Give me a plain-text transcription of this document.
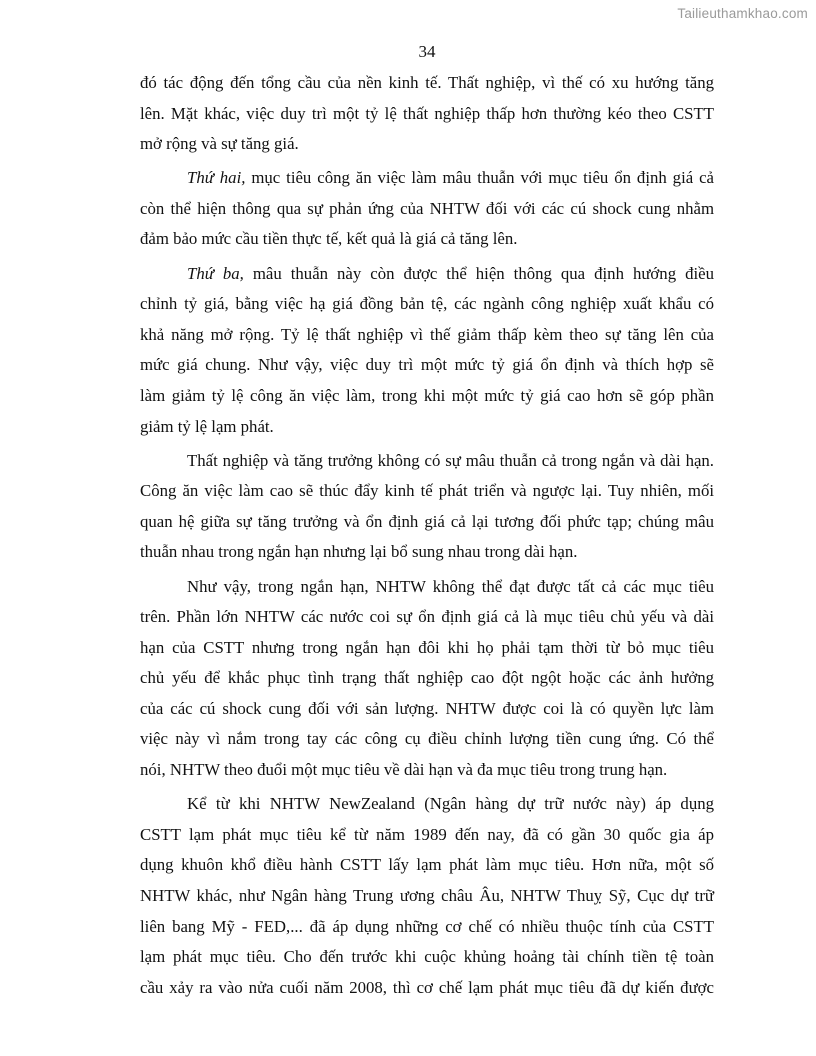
Tailieuthamkhao.com
34
đó tác động đến tổng cầu của nền kinh tế. Thất nghiệp, vì thế có xu hướng tăng
lên. Mặt khác, việc duy trì một tỷ lệ thất nghiệp thấp hơn thường kéo theo CSTT
mở rộng và sự tăng giá.
Thứ hai, mục tiêu công ăn việc làm mâu thuẫn với mục tiêu ổn định giá cả
còn thể hiện thông qua sự phản ứng của NHTW đối với các cú shock cung nhằm
đảm bảo mức cầu tiền thực tế, kết quả là giá cả tăng lên.
Thứ ba, mâu thuẫn này còn được thể hiện thông qua định hướng điều
chỉnh tỷ giá, bằng việc hạ giá đồng bản tệ, các ngành công nghiệp xuất khẩu có
khả năng mở rộng. Tỷ lệ thất nghiệp vì thế giảm thấp kèm theo sự tăng lên của
mức giá chung. Như vậy, việc duy trì một mức tỷ giá ổn định và thích hợp sẽ
làm giảm tỷ lệ công ăn việc làm, trong khi một mức tỷ giá cao hơn sẽ góp phần
giảm tỷ lệ lạm phát.
Thất nghiệp và tăng trưởng không có sự mâu thuẫn cả trong ngắn và dài hạn.
Công ăn việc làm cao sẽ thúc đẩy kinh tế phát triển và ngược lại. Tuy nhiên, mối
quan hệ giữa sự tăng trưởng và ổn định giá cả lại tương đối phức tạp; chúng mâu
thuẫn nhau trong ngắn hạn nhưng lại bổ sung nhau trong dài hạn.
Như vậy, trong ngắn hạn, NHTW không thể đạt được tất cả các mục tiêu
trên. Phần lớn NHTW các nước coi sự ổn định giá cả là mục tiêu chủ yếu và dài
hạn của CSTT nhưng trong ngắn hạn đôi khi họ phải tạm thời từ bỏ mục tiêu
chủ yếu để khắc phục tình trạng thất nghiệp cao đột ngột hoặc các ảnh hưởng
của các cú shock cung đối với sản lượng. NHTW được coi là có quyền lực làm
việc này vì nắm trong tay các công cụ điều chỉnh lượng tiền cung ứng. Có thể
nói, NHTW theo đuổi một mục tiêu về dài hạn và đa mục tiêu trong trung hạn.
Kể từ khi NHTW NewZealand (Ngân hàng dự trữ nước này) áp dụng
CSTT lạm phát mục tiêu kể từ năm 1989 đến nay, đã có gần 30 quốc gia áp
dụng khuôn khổ điều hành CSTT lấy lạm phát làm mục tiêu. Hơn nữa, một số
NHTW khác, như Ngân hàng Trung ương châu Âu, NHTW Thuỵ Sỹ, Cục dự trữ
liên bang Mỹ - FED,... đã áp dụng những cơ chế có nhiều thuộc tính của CSTT
lạm phát mục tiêu. Cho đến trước khi cuộc khủng hoảng tài chính tiền tệ toàn
cầu xảy ra vào nửa cuối năm 2008, thì cơ chế lạm phát mục tiêu đã dự kiến được
